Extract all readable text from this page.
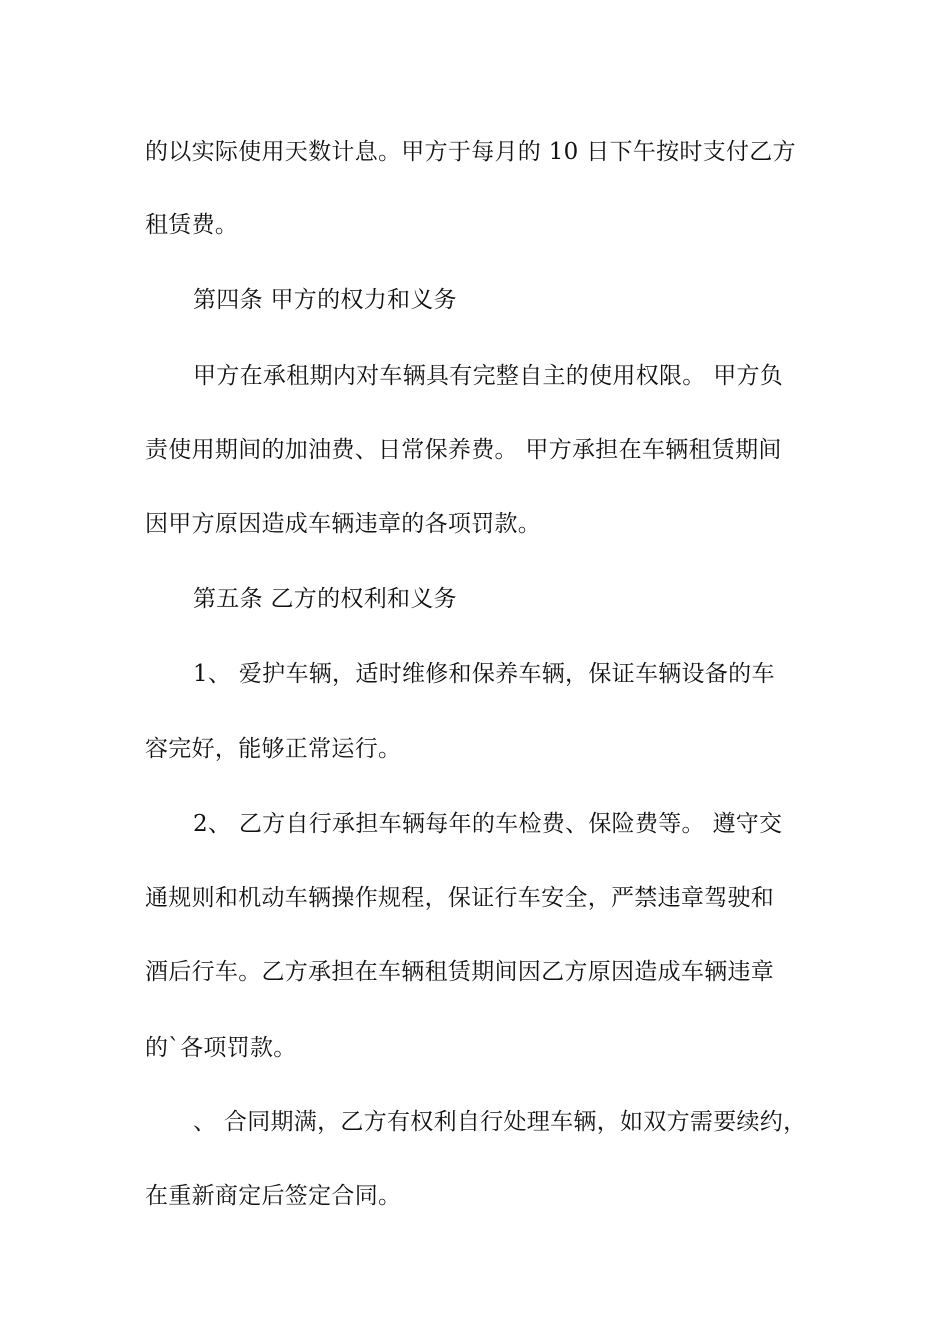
的以实际使用天数计息。甲方于每月的 10 日下午按时支付乙方

租赁费。

第四条 甲方的权力和义务

甲方在承租期内对车辆具有完整自主的使用权限。 甲方负

责使用期间的加油费、日常保养费。 甲方承担在车辆租赁期间

因甲方原因造成车辆违章的各项罚款。

第五条 乙方的权利和义务

1、 爱护车辆，适时维修和保养车辆，保证车辆设备的车

容完好，能够正常运行。

2、 乙方自行承担车辆每年的车检费、保险费等。 遵守交

通规则和机动车辆操作规程，保证行车安全，严禁违章驾驶和

酒后行车。乙方承担在车辆租赁期间因乙方原因造成车辆违章

的`各项罚款。

、 合同期满，乙方有权利自行处理车辆，如双方需要续约，

在重新商定后签定合同。
